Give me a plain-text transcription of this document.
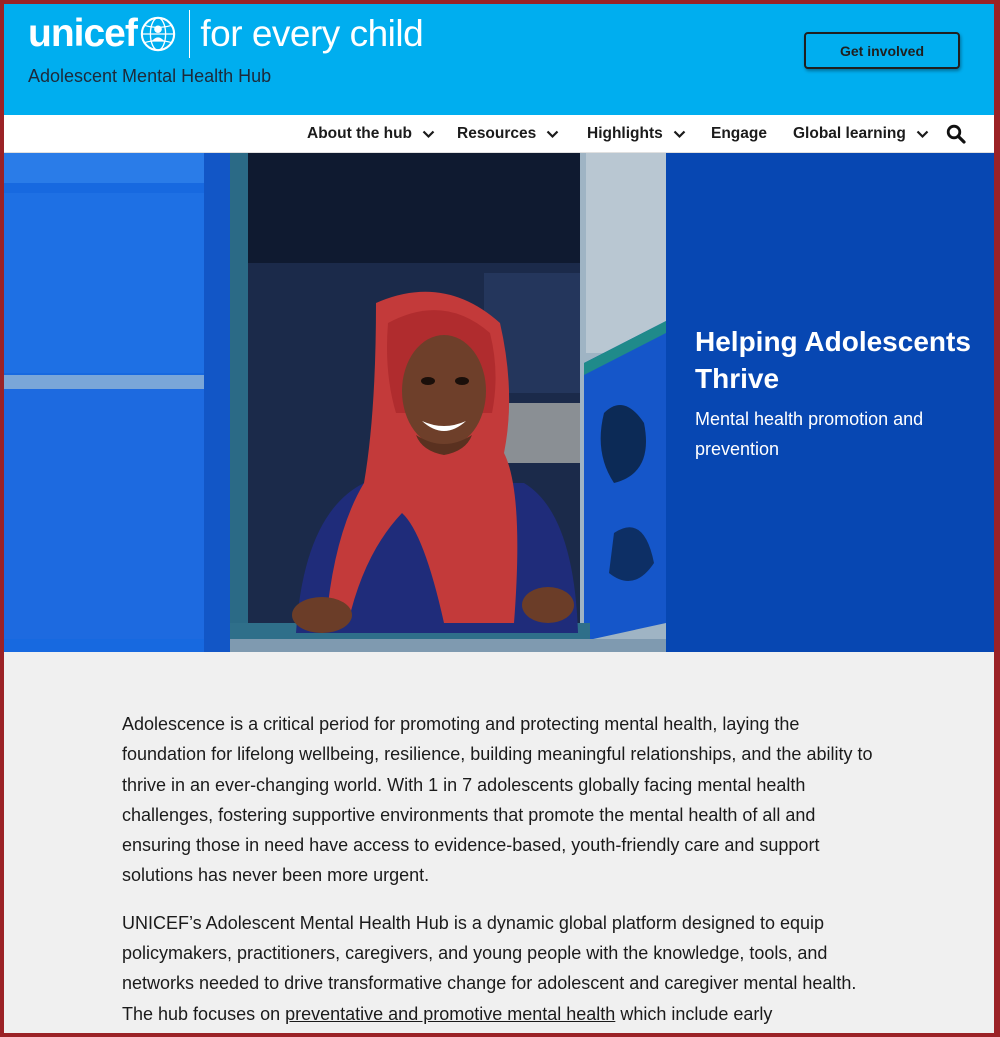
unicef for every child
Adolescent Mental Health Hub
Get involved
About the hub	Resources	Highlights	Engage Global learning
Helping Adolescents Thrive
Mental health promotion and prevention

Adolescence is a critical period for promoting and protecting mental health, laying the foundation for lifelong wellbeing, resilience, building meaningful relationships, and the ability to thrive in an ever-changing world. With 1 in 7 adolescents globally facing mental health challenges, fostering supportive environments that promote the mental health of all and ensuring those in need have access to evidence-based, youth-friendly care and support solutions has never been more urgent.

UNICEF’s Adolescent Mental Health Hub is a dynamic global platform designed to equip policymakers, practitioners, caregivers, and young people with the knowledge, tools, and networks needed to drive transformative change for adolescent and caregiver mental health. The hub focuses on preventative and promotive mental health which include early
